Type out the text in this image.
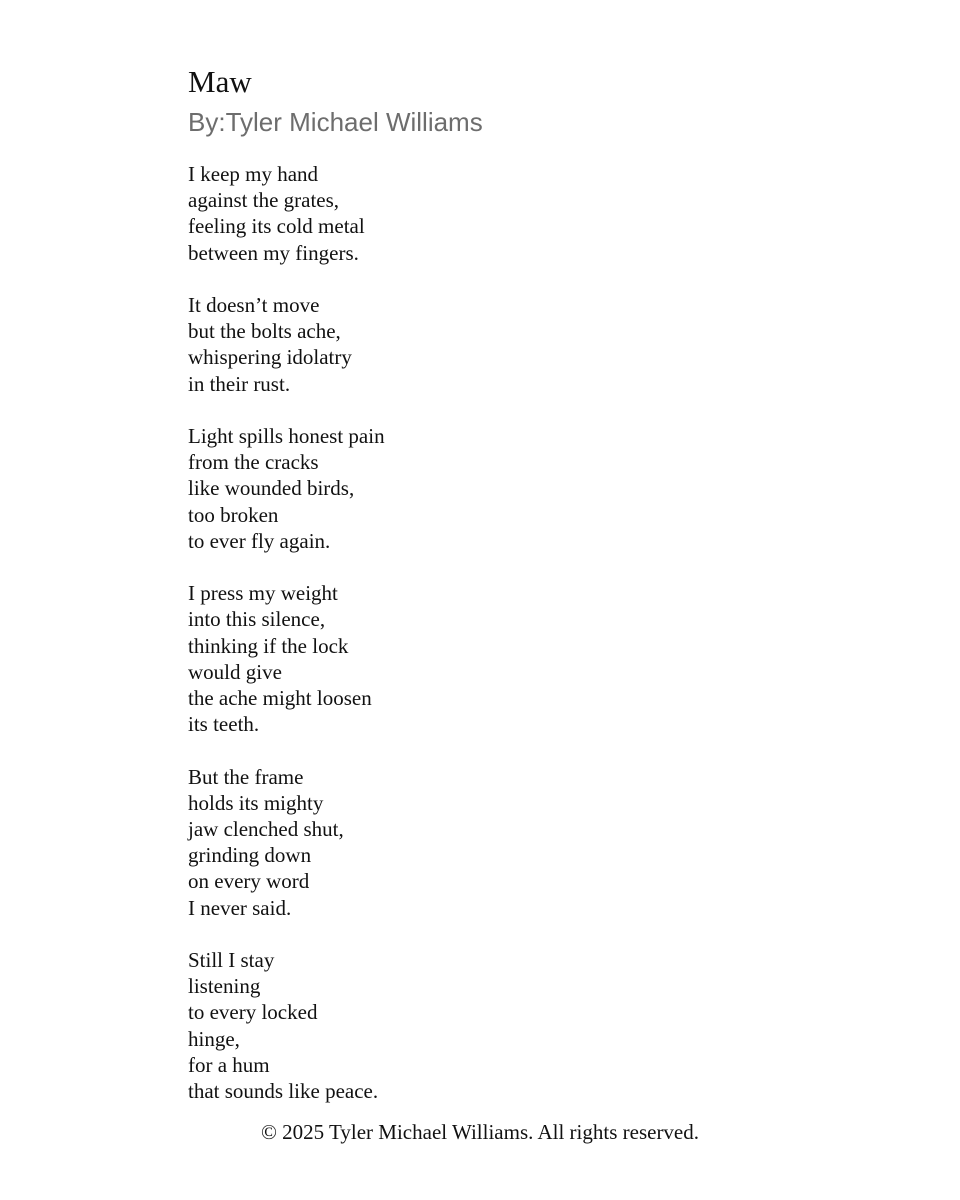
Maw

By:Tyler Michael Williams

I keep my hand
against the grates,
feeling its cold metal
between my fingers.
It doesn’t move
but the bolts ache,
whispering idolatry
in their rust.
Light spills honest pain
from the cracks
like wounded birds,
too broken
to ever fly again.
I press my weight
into this silence,
thinking if the lock
would give
the ache might loosen
its teeth.
But the frame
holds its mighty
jaw clenched shut,
grinding down
on every word
I never said.
Still I stay
listening
to every locked
hinge,
for a hum
that sounds like peace.

© 2025 Tyler Michael Williams. All rights reserved.
